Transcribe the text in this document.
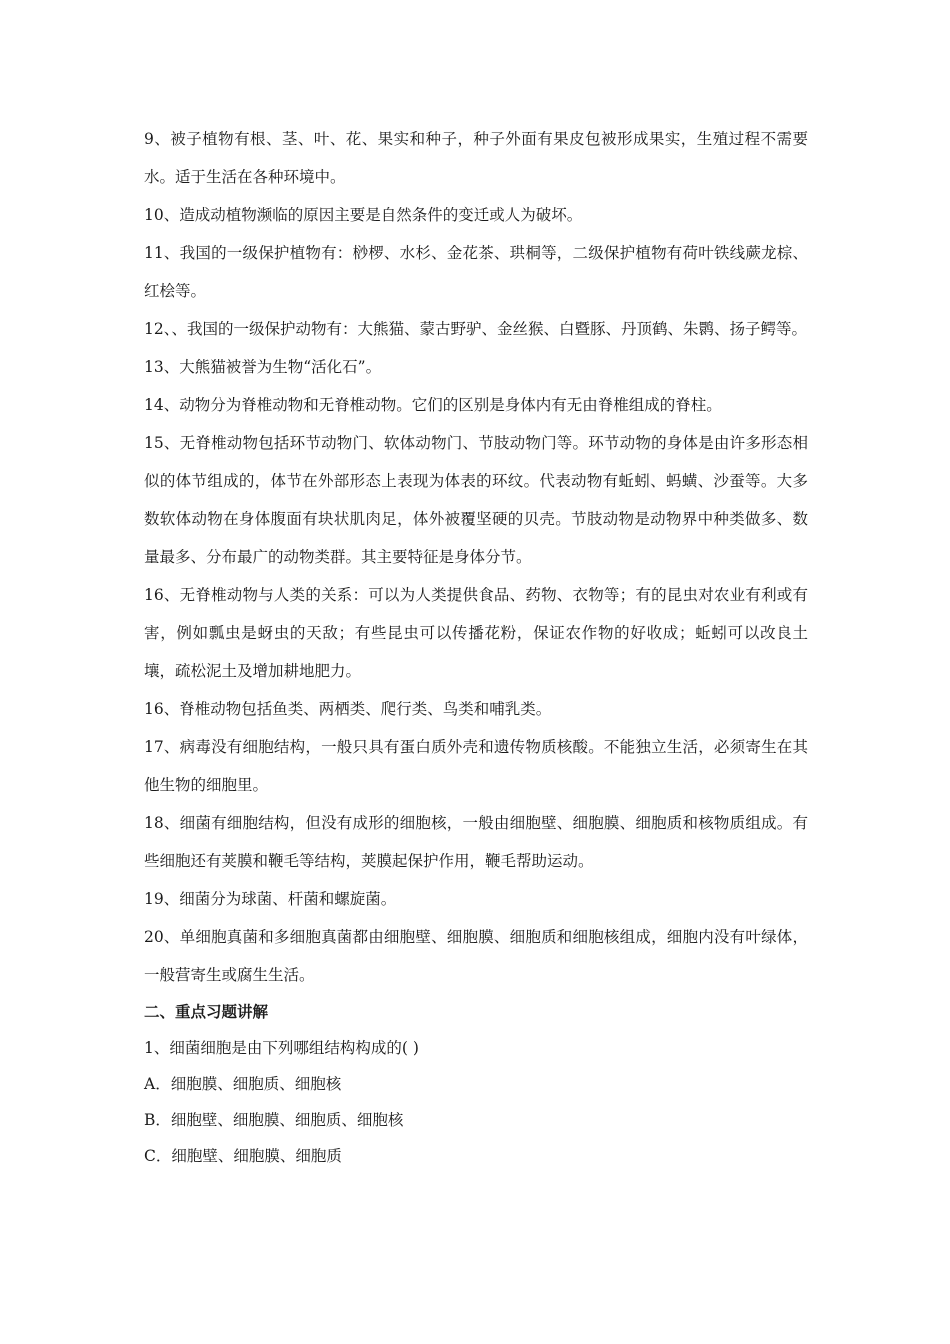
9、被子植物有根、茎、叶、花、果实和种子，种子外面有果皮包被形成果实，生殖过程不需要水。适于生活在各种环境中。

10、造成动植物濒临的原因主要是自然条件的变迁或人为破坏。

11、我国的一级保护植物有：桫椤、水杉、金花茶、珙桐等，二级保护植物有荷叶铁线蕨龙棕、红桧等。

12、、我国的一级保护动物有：大熊猫、蒙古野驴、金丝猴、白暨豚、丹顶鹤、朱鹮、扬子鳄等。

13、大熊猫被誉为生物“活化石”。

14、动物分为脊椎动物和无脊椎动物。它们的区别是身体内有无由脊椎组成的脊柱。

15、无脊椎动物包括环节动物门、软体动物门、节肢动物门等。环节动物的身体是由许多形态相似的体节组成的，体节在外部形态上表现为体表的环纹。代表动物有蚯蚓、蚂蟥、沙蚕等。大多数软体动物在身体腹面有块状肌肉足，体外被覆坚硬的贝壳。节肢动物是动物界中种类做多、数量最多、分布最广的动物类群。其主要特征是身体分节。

16、无脊椎动物与人类的关系：可以为人类提供食品、药物、衣物等；有的昆虫对农业有利或有害，例如瓢虫是蚜虫的天敌；有些昆虫可以传播花粉，保证农作物的好收成；蚯蚓可以改良土壤，疏松泥土及增加耕地肥力。

16、脊椎动物包括鱼类、两栖类、爬行类、鸟类和哺乳类。

17、病毒没有细胞结构，一般只具有蛋白质外壳和遗传物质核酸。不能独立生活，必须寄生在其他生物的细胞里。

18、细菌有细胞结构，但没有成形的细胞核，一般由细胞壁、细胞膜、细胞质和核物质组成。有些细胞还有荚膜和鞭毛等结构，荚膜起保护作用，鞭毛帮助运动。

19、细菌分为球菌、杆菌和螺旋菌。

20、单细胞真菌和多细胞真菌都由细胞壁、细胞膜、细胞质和细胞核组成，细胞内没有叶绿体，一般营寄生或腐生生活。

二、重点习题讲解

1、细菌细胞是由下列哪组结构构成的( )

A．细胞膜、细胞质、细胞核

B．细胞壁、细胞膜、细胞质、细胞核

C．细胞壁、细胞膜、细胞质
